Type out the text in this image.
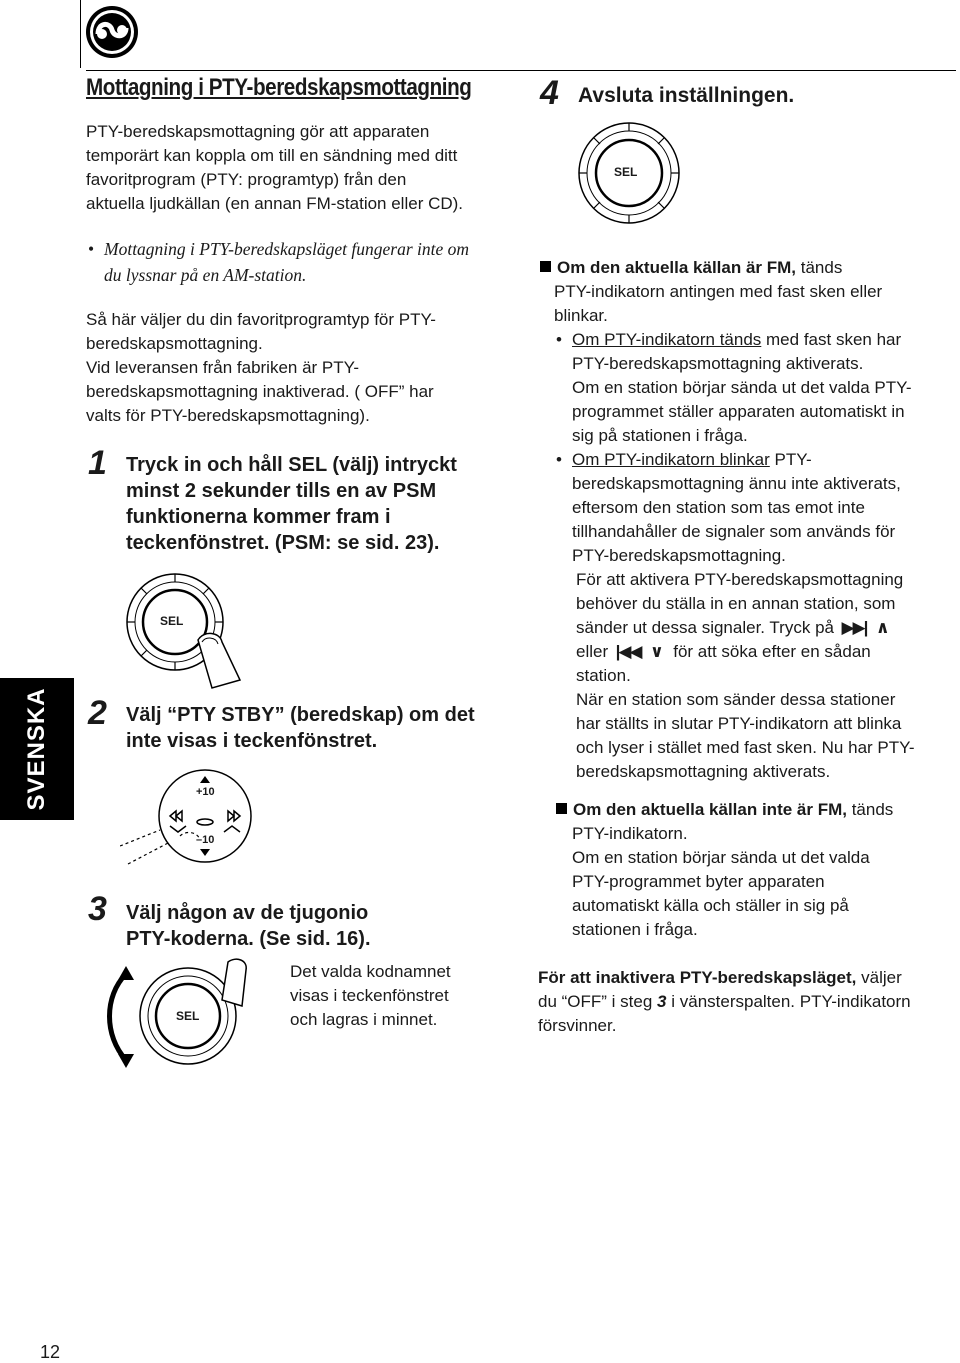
Mottagning i PTY-beredskapsmottagning
PTY-beredskapsmottagning gör att apparaten
temporärt kan koppla om till en sändning med ditt
favoritprogram (PTY: programtyp) från den
aktuella ljudkällan (en annan FM-station eller CD).
• Mottagning i PTY-beredskapsläget fungerar inte om
du lyssnar på en AM-station.
Så här väljer du din favoritprogramtyp för PTY-
beredskapsmottagning.
Vid leveransen från fabriken är PTY-
beredskapsmottagning inaktiverad. ( OFF” har
valts för PTY-beredskapsmottagning).
1 Tryck in och håll SEL (välj) intryckt
minst 2 sekunder tills en av PSM
funktionerna kommer fram i
teckenfönstret. (PSM: se sid. 23).
SEL
SVENSKA 2 Välj “PTY STBY” (beredskap) om det
inte visas i teckenfönstret.
+10
–10
3 Välj någon av de tjugonio
PTY-koderna. (Se sid. 16).
SEL
Det valda kodnamnet
visas i teckenfönstret
och lagras i minnet.
4 Avsluta inställningen.
SEL
Om den aktuella källan är FM, tänds
PTY-indikatorn antingen med fast sken eller
blinkar.
• Om PTY-indikatorn tänds med fast sken har
PTY-beredskapsmottagning aktiverats.
Om en station börjar sända ut det valda PTY-
programmet ställer apparaten automatiskt in
sig på stationen i fråga.
• Om PTY-indikatorn blinkar PTY-
beredskapsmottagning ännu inte aktiverats,
eftersom den station som tas emot inte
tillhandahåller de signaler som används för
PTY-beredskapsmottagning.
För att aktivera PTY-beredskapsmottagning
behöver du ställa in en annan station, som
sänder ut dessa signaler. Tryck på  ▶▶|  ∧
eller  |◀◀  ∨  för att söka efter en sådan
station.
När en station som sänder dessa stationer
har ställts in slutar PTY-indikatorn att blinka
och lyser i stället med fast sken. Nu har PTY-
beredskapsmottagning aktiverats.
Om den aktuella källan inte är FM, tänds
PTY-indikatorn.
Om en station börjar sända ut det valda
PTY-programmet byter apparaten
automatiskt källa och ställer in sig på
stationen i fråga.
För att inaktivera PTY-beredskapsläget, väljer
du “OFF” i steg 3 i vänsterspalten. PTY-indikatorn
försvinner.
12
